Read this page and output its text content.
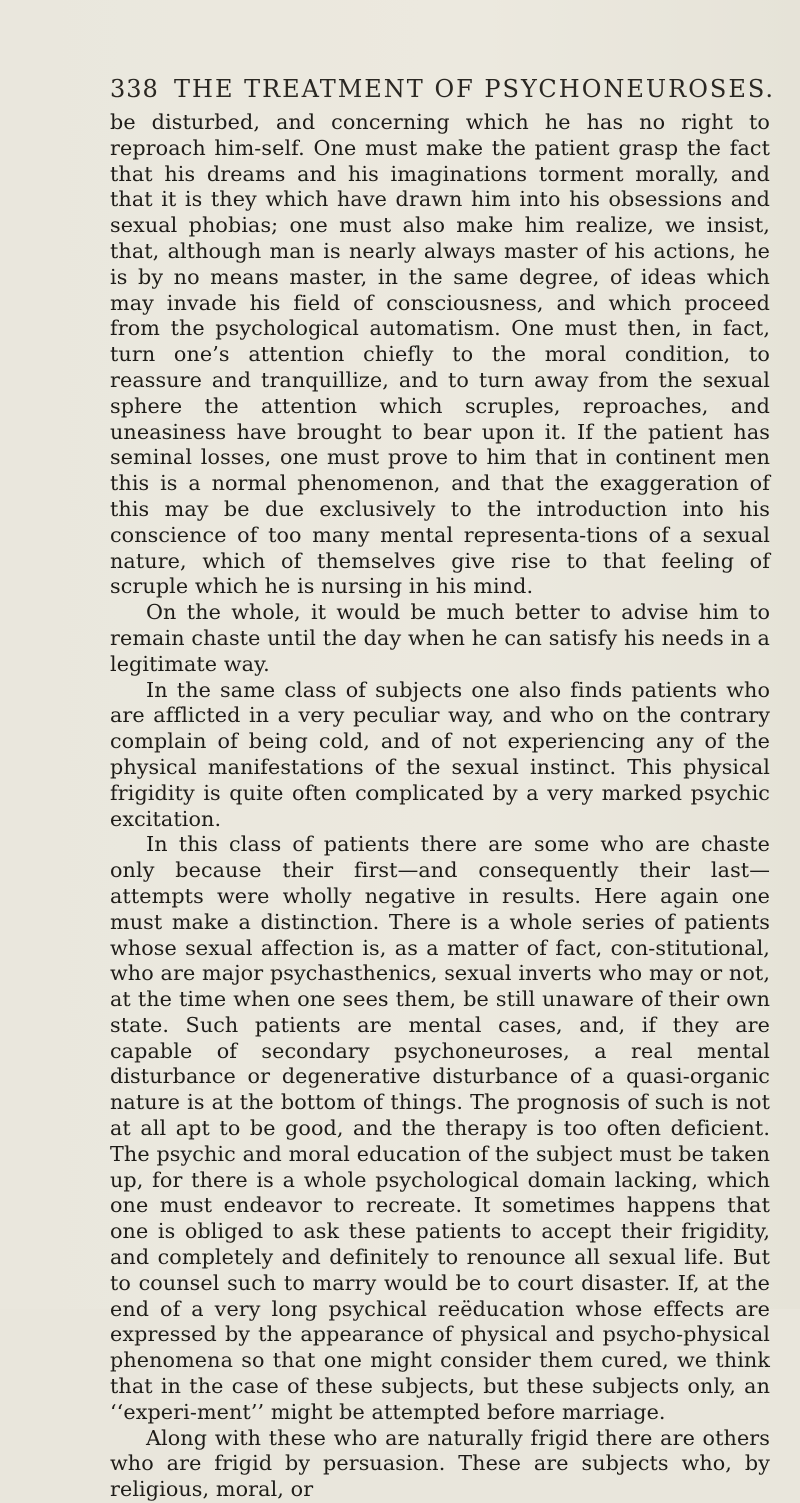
338 THE TREATMENT OF PSYCHONEUROSES.

be disturbed, and concerning which he has no right to reproach him-self. One must make the patient grasp the fact that his dreams and his imaginations torment morally, and that it is they which have drawn him into his obsessions and sexual phobias; one must also make him realize, we insist, that, although man is nearly always master of his actions, he is by no means master, in the same degree, of ideas which may invade his field of consciousness, and which proceed from the psychological automatism. One must then, in fact, turn one’s attention chiefly to the moral condition, to reassure and tranquillize, and to turn away from the sexual sphere the attention which scruples, reproaches, and uneasiness have brought to bear upon it. If the patient has seminal losses, one must prove to him that in continent men this is a normal phenomenon, and that the exaggeration of this may be due exclusively to the introduction into his conscience of too many mental representa-tions of a sexual nature, which of themselves give rise to that feeling of scruple which he is nursing in his mind.

On the whole, it would be much better to advise him to remain chaste until the day when he can satisfy his needs in a legitimate way.

In the same class of subjects one also finds patients who are afflicted in a very peculiar way, and who on the contrary complain of being cold, and of not experiencing any of the physical manifestations of the sexual instinct. This physical frigidity is quite often complicated by a very marked psychic excitation.

In this class of patients there are some who are chaste only because their first—and consequently their last—attempts were wholly negative in results. Here again one must make a distinction. There is a whole series of patients whose sexual affection is, as a matter of fact, con-stitutional, who are major psychasthenics, sexual inverts who may or not, at the time when one sees them, be still unaware of their own state. Such patients are mental cases, and, if they are capable of secondary psychoneuroses, a real mental disturbance or degenerative disturbance of a quasi-organic nature is at the bottom of things. The prognosis of such is not at all apt to be good, and the therapy is too often deficient. The psychic and moral education of the subject must be taken up, for there is a whole psychological domain lacking, which one must endeavor to recreate. It sometimes happens that one is obliged to ask these patients to accept their frigidity, and completely and definitely to renounce all sexual life. But to counsel such to marry would be to court disaster. If, at the end of a very long psychical reëducation whose effects are expressed by the appearance of physical and psycho-physical phenomena so that one might consider them cured, we think that in the case of these subjects, but these subjects only, an ‘‘experi-ment’’ might be attempted before marriage.

Along with these who are naturally frigid there are others who are frigid by persuasion. These are subjects who, by religious, moral, or
